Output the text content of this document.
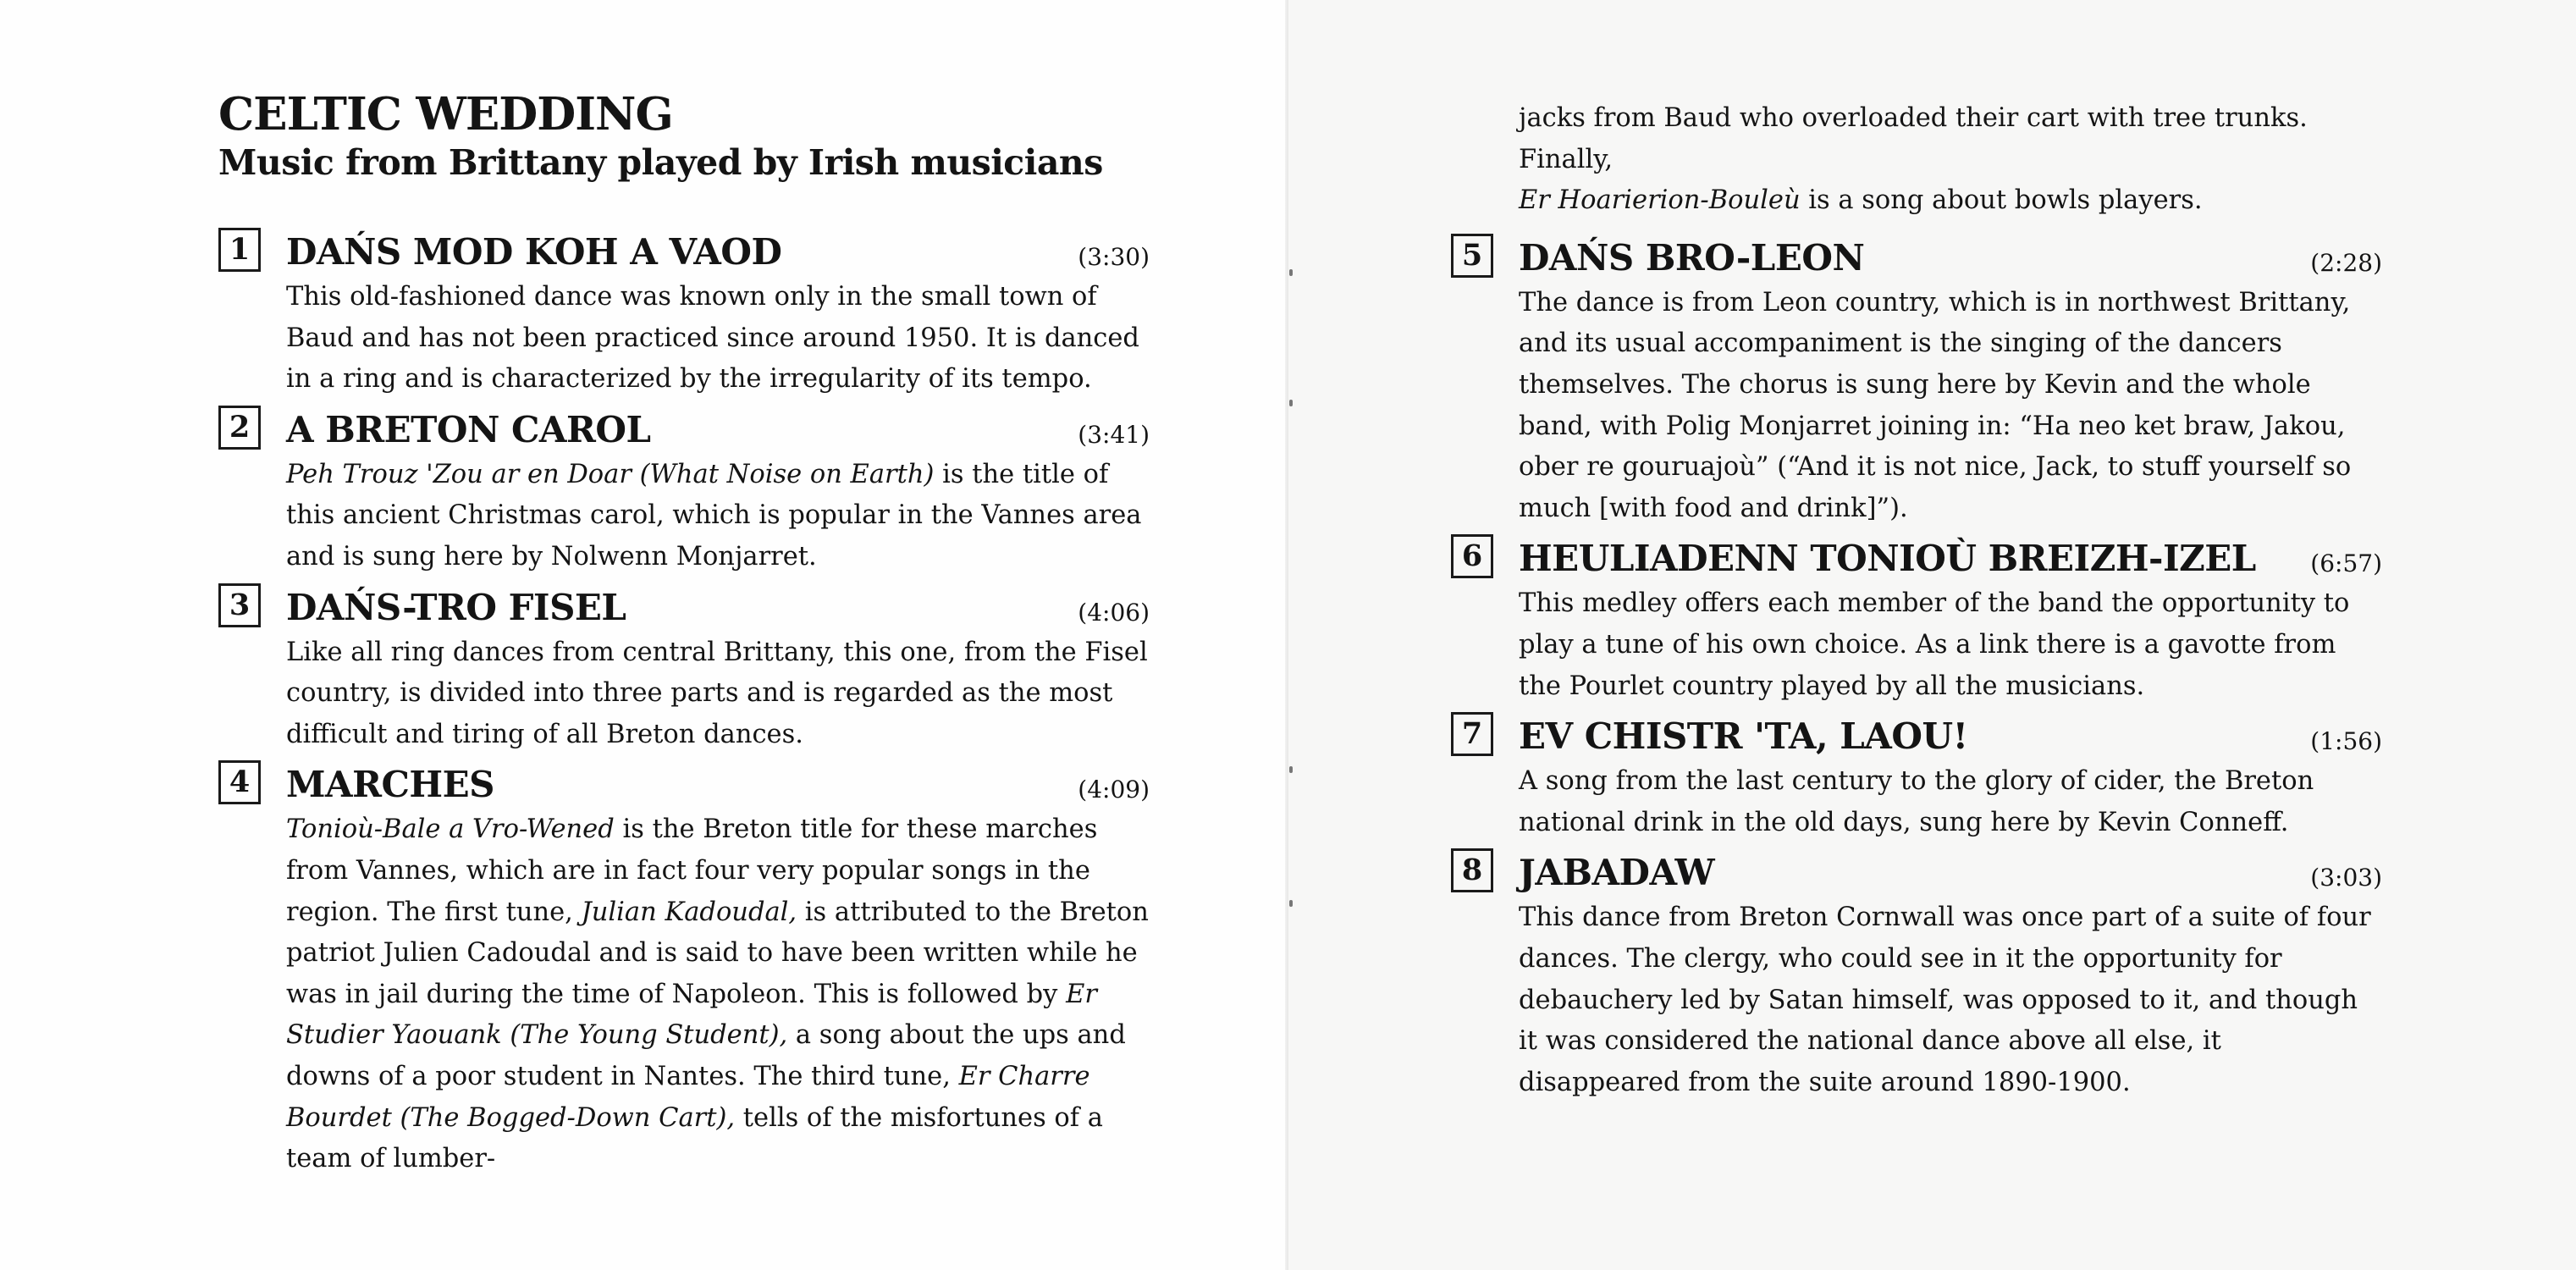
CELTIC WEDDING
Music from Brittany played by Irish musicians
1	DAŃS MOD KOH A VAOD	(3:30)

This old-fashioned dance was known only in the small town of Baud and has not been practiced since around 1950. It is danced in a ring and is characterized by the irregularity of its tempo.

2	A BRETON CAROL	(3:41)

Peh Trouz 'Zou ar en Doar (What Noise on Earth) is the title of this ancient Christmas carol, which is popular in the Vannes area and is sung here by Nolwenn Monjarret.

3	DAŃS-TRO FISEL	(4:06)

Like all ring dances from central Brittany, this one, from the Fisel country, is divided into three parts and is regarded as the most difficult and tiring of all Breton dances.

4	MARCHES	(4:09)

Tonioù-Bale a Vro-Wened is the Breton title for these marches from Vannes, which are in fact four very popular songs in the region. The first tune, Julian Kadoudal, is attributed to the Breton patriot Julien Cadoudal and is said to have been written while he was in jail during the time of Napoleon. This is followed by Er Studier Yaouank (The Young Student), a song about the ups and downs of a poor student in Nantes. The third tune, Er Charre Bourdet (The Bogged-Down Cart), tells of the misfortunes of a team of lumber-

jacks from Baud who overloaded their cart with tree trunks. Finally,
Er Hoarierion-Bouleù is a song about bowls players.

5	DAŃS BRO-LEON	(2:28)

The dance is from Leon country, which is in northwest Brittany, and its usual accompaniment is the singing of the dancers themselves. The chorus is sung here by Kevin and the whole band, with Polig Monjarret joining in: “Ha neo ket braw, Jakou, ober re gouruajoù” (“And it is not nice, Jack, to stuff yourself so much [with food and drink]”).

6	HEULIADENN TONIOÙ BREIZH-IZEL (6:57)

This medley offers each member of the band the opportunity to play a tune of his own choice. As a link there is a gavotte from the Pourlet country played by all the musicians.

7	EV CHISTR 'TA, LAOU!	(1:56)

A song from the last century to the glory of cider, the Breton national drink in the old days, sung here by Kevin Conneff.

8	JABADAW	(3:03)

This dance from Breton Cornwall was once part of a suite of four dances. The clergy, who could see in it the opportunity for debauchery led by Satan himself, was opposed to it, and though it was considered the national dance above all else, it disappeared from the suite around 1890-1900.
